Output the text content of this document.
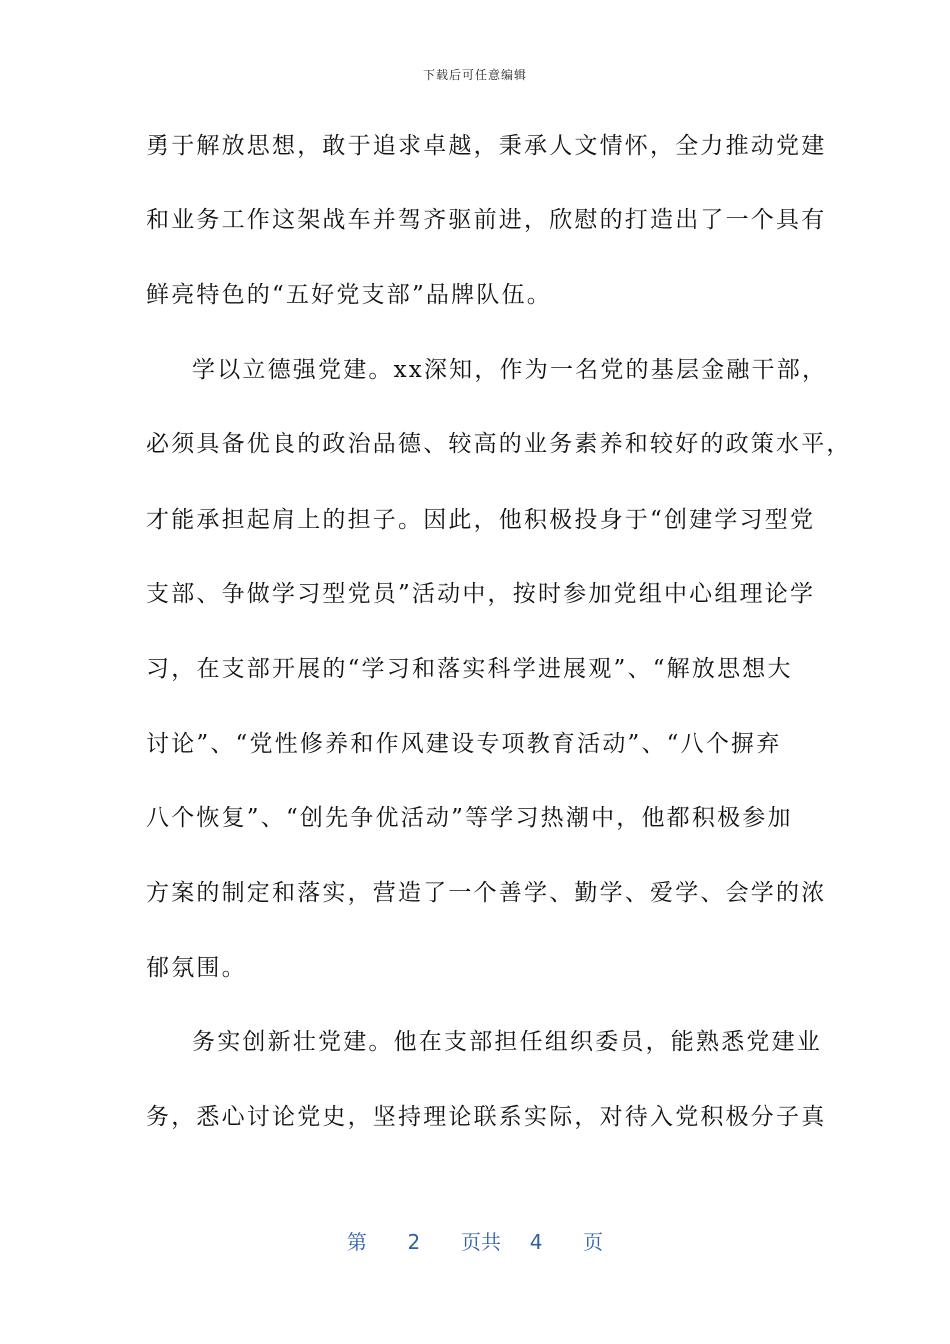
下载后可任意编辑
勇于解放思想，敢于追求卓越，秉承人文情怀，全力推动党建
和业务工作这架战车并驾齐驱前进，欣慰的打造出了一个具有
鲜亮特色的“五好党支部”品牌队伍。
学以立德强党建。xx深知，作为一名党的基层金融干部，
必须具备优良的政治品德、较高的业务素养和较好的政策水平，
才能承担起肩上的担子。因此，他积极投身于“创建学习型党
支部、争做学习型党员”活动中，按时参加党组中心组理论学
习，在支部开展的“学习和落实科学进展观”、“解放思想大
讨论”、“党性修养和作风建设专项教育活动”、“八个摒弃
八个恢复”、“创先争优活动”等学习热潮中，他都积极参加
方案的制定和落实，营造了一个善学、勤学、爱学、会学的浓
郁氛围。
务实创新壮党建。他在支部担任组织委员，能熟悉党建业
务，悉心讨论党史，坚持理论联系实际，对待入党积极分子真
第 2 页共 4 页
